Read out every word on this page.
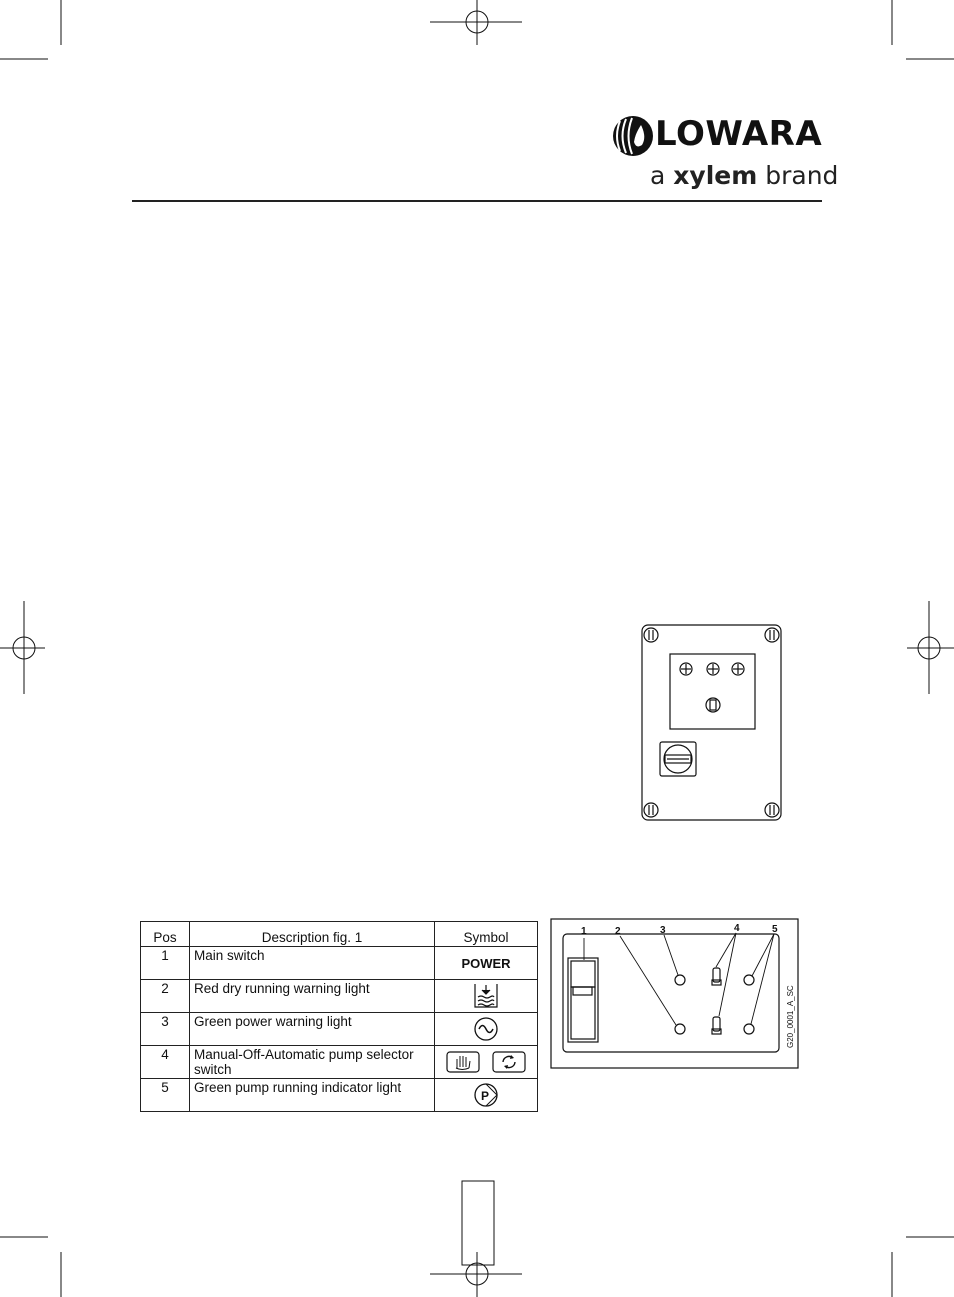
LOWARA
a xylem brand
Pos	Description fig. 1	Symbol
1	Main switch	POWER
2	Red dry running warning light	
3	Green power warning light	
4	Manual-Off-Automatic pump selector switch	
5	Green pump running indicator light	P
1	2	3	4	5
G20_0001_A_SC
